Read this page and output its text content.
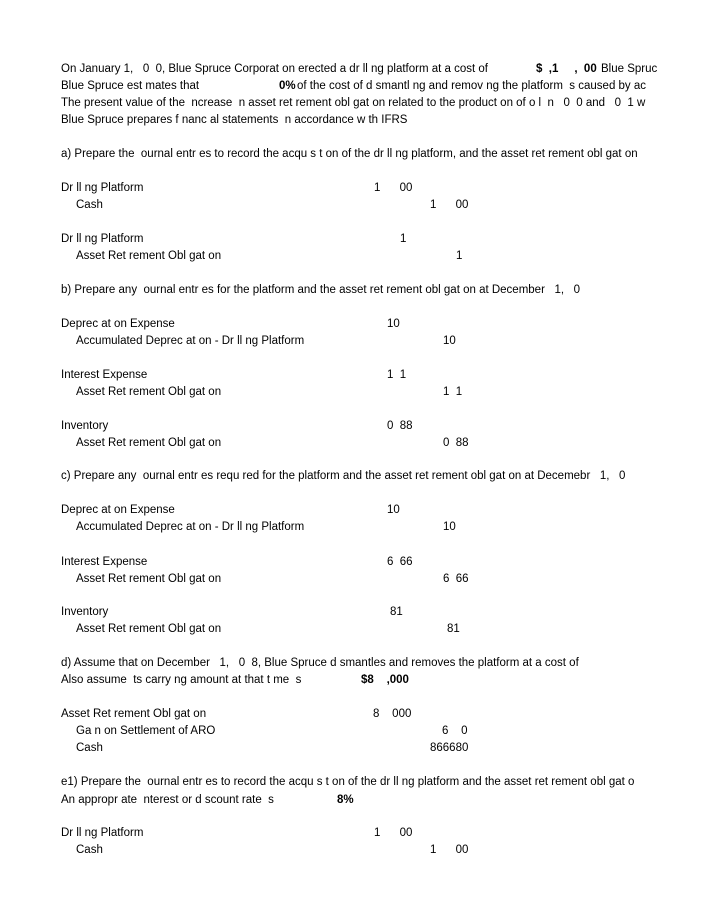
On January 1,   0  0, Blue Spruce Corporat on erected a dr ll ng platform at a cost of	$  ,1     ,  00 Blue Spruc
Blue Spruce est mates that	0% of the cost of d smantl ng and remov ng the platform  s caused by ac
The present value of the  ncrease  n asset ret rement obl gat on related to the product on of o l  n   0  0 and   0  1 w
Blue Spruce prepares f nanc al statements  n accordance w th IFRS
a) Prepare the  ournal entr es to record the acqu s t on of the dr ll ng platform, and the asset ret rement obl gat on
Dr ll ng Platform	1      00
Cash	1      00
Dr ll ng Platform	1
Asset Ret rement Obl gat on	1
b) Prepare any  ournal entr es for the platform and the asset ret rement obl gat on at December   1,   0
Deprec at on Expense	10
Accumulated Deprec at on - Dr ll ng Platform	10
Interest Expense	1  1
Asset Ret rement Obl gat on	1  1
Inventory	0  88
Asset Ret rement Obl gat on	0  88
c) Prepare any  ournal entr es requ red for the platform and the asset ret rement obl gat on at Decemebr   1,   0
Deprec at on Expense	10
Accumulated Deprec at on - Dr ll ng Platform	10
Interest Expense	6  66
Asset Ret rement Obl gat on	6  66
Inventory	81
Asset Ret rement Obl gat on	81
d) Assume that on December   1,   0  8, Blue Spruce d smantles and removes the platform at a cost of
Also assume  ts carry ng amount at that t me  s	$8    ,000
Asset Ret rement Obl gat on	8    000
Ga n on Settlement of ARO	6    0
Cash	866680
e1) Prepare the  ournal entr es to record the acqu s t on of the dr ll ng platform and the asset ret rement obl gat o
An appropr ate  nterest or d scount rate  s	8%
Dr ll ng Platform	1      00
Cash	1      00
